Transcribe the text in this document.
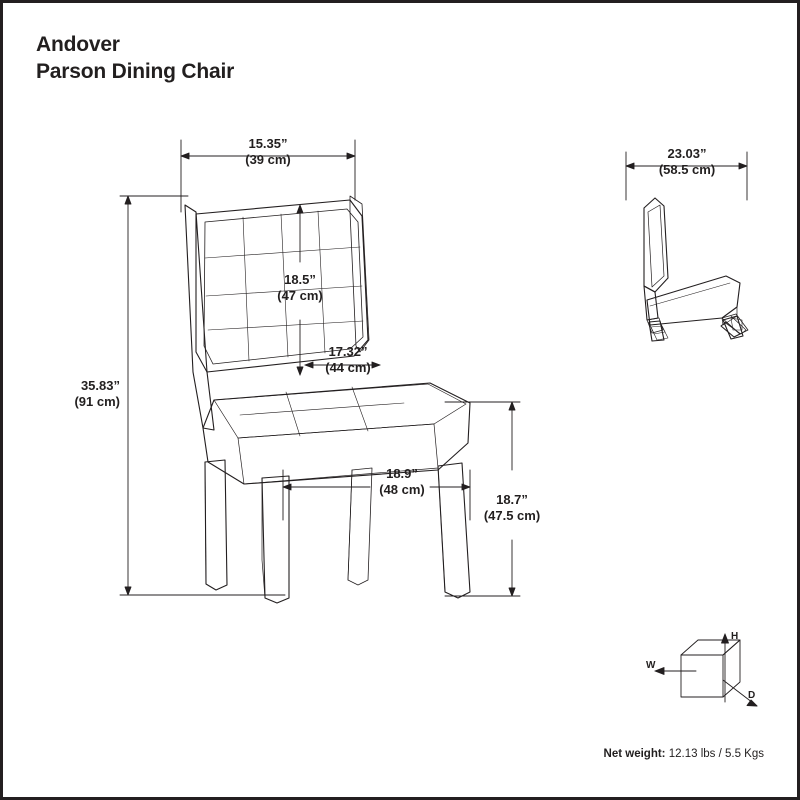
Andover
Parson Dining Chair
15.35”
(39 cm)
18.5”
(47 cm)
17.32”
(44 cm)
35.83”
(91 cm)
18.9”
(48 cm)
18.7”
(47.5 cm)
23.03”
(58.5 cm)
H
W
D
Net weight: 12.13 lbs / 5.5 Kgs
